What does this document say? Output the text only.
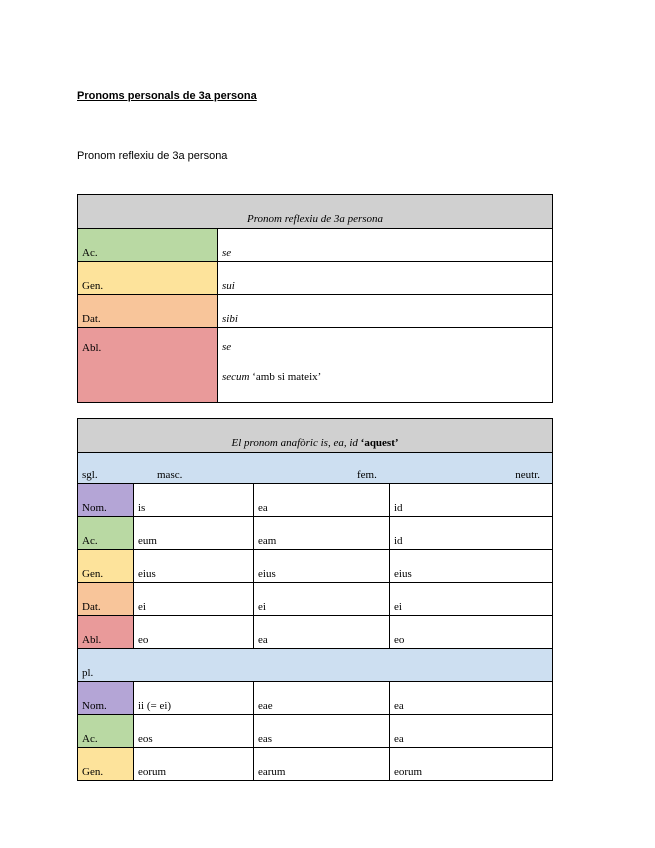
Pronoms personals de 3a persona
Pronom reflexiu de 3a persona
Pronom reflexiu de 3a persona	
Ac.	se
Gen.	sui
Dat.	sibi
Abl.	se
secum ‘amb si mateix’
El pronom anafòric is, ea, id ‘aquest’			

sgl. masc. fem. neutr.			

Nom.	is	ea	id
Ac.	eum	eam	id
Gen.	eius	eius	eius
Dat.	ei	ei	ei
Abl.	eo	ea	eo
pl.			
Nom.	ii (= ei)	eae	ea
Ac.	eos	eas	ea
Gen.	eorum	earum	eorum
